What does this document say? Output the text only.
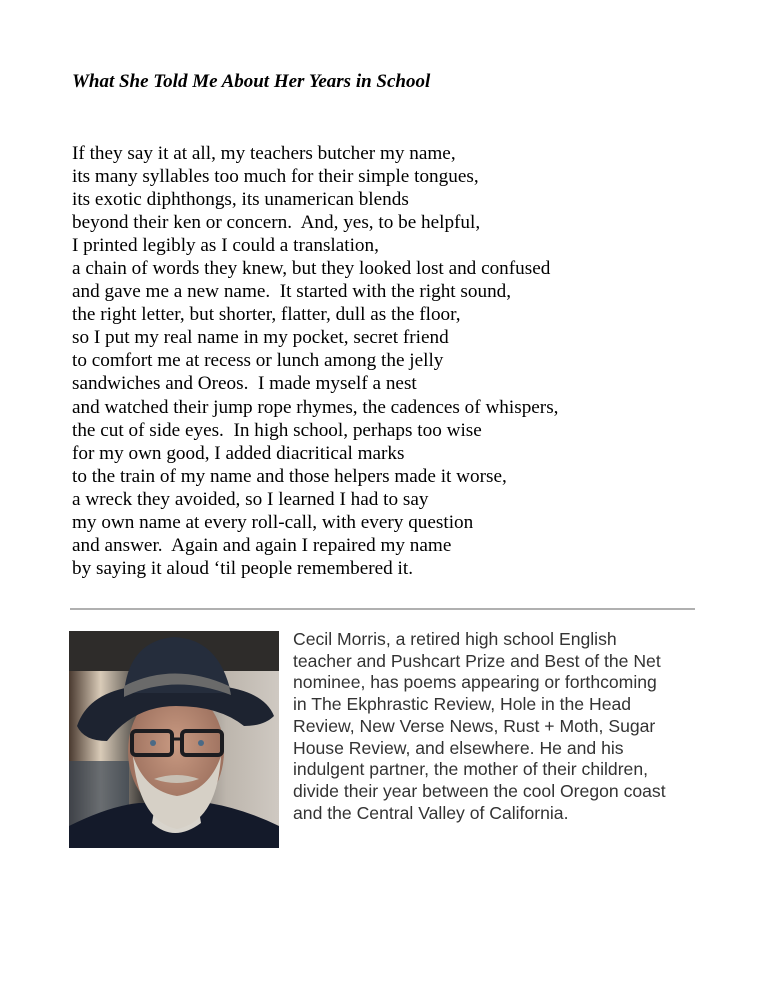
What She Told Me About Her Years in School
If they say it at all, my teachers butcher my name,
its many syllables too much for their simple tongues,
its exotic diphthongs, its unamerican blends
beyond their ken or concern.  And, yes, to be helpful,
I printed legibly as I could a translation,
a chain of words they knew, but they looked lost and confused
and gave me a new name.  It started with the right sound,
the right letter, but shorter, flatter, dull as the floor,
so I put my real name in my pocket, secret friend
to comfort me at recess or lunch among the jelly
sandwiches and Oreos.  I made myself a nest
and watched their jump rope rhymes, the cadences of whispers,
the cut of side eyes.  In high school, perhaps too wise
for my own good, I added diacritical marks
to the train of my name and those helpers made it worse,
a wreck they avoided, so I learned I had to say
my own name at every roll-call, with every question
and answer.  Again and again I repaired my name
by saying it aloud ‘til people remembered it.
Cecil Morris, a retired high school English
teacher and Pushcart Prize and Best of the Net
nominee, has poems appearing or forthcoming
in The Ekphrastic Review, Hole in the Head
Review, New Verse News, Rust + Moth, Sugar
House Review, and elsewhere. He and his
indulgent partner, the mother of their children,
divide their year between the cool Oregon coast
and the Central Valley of California.
